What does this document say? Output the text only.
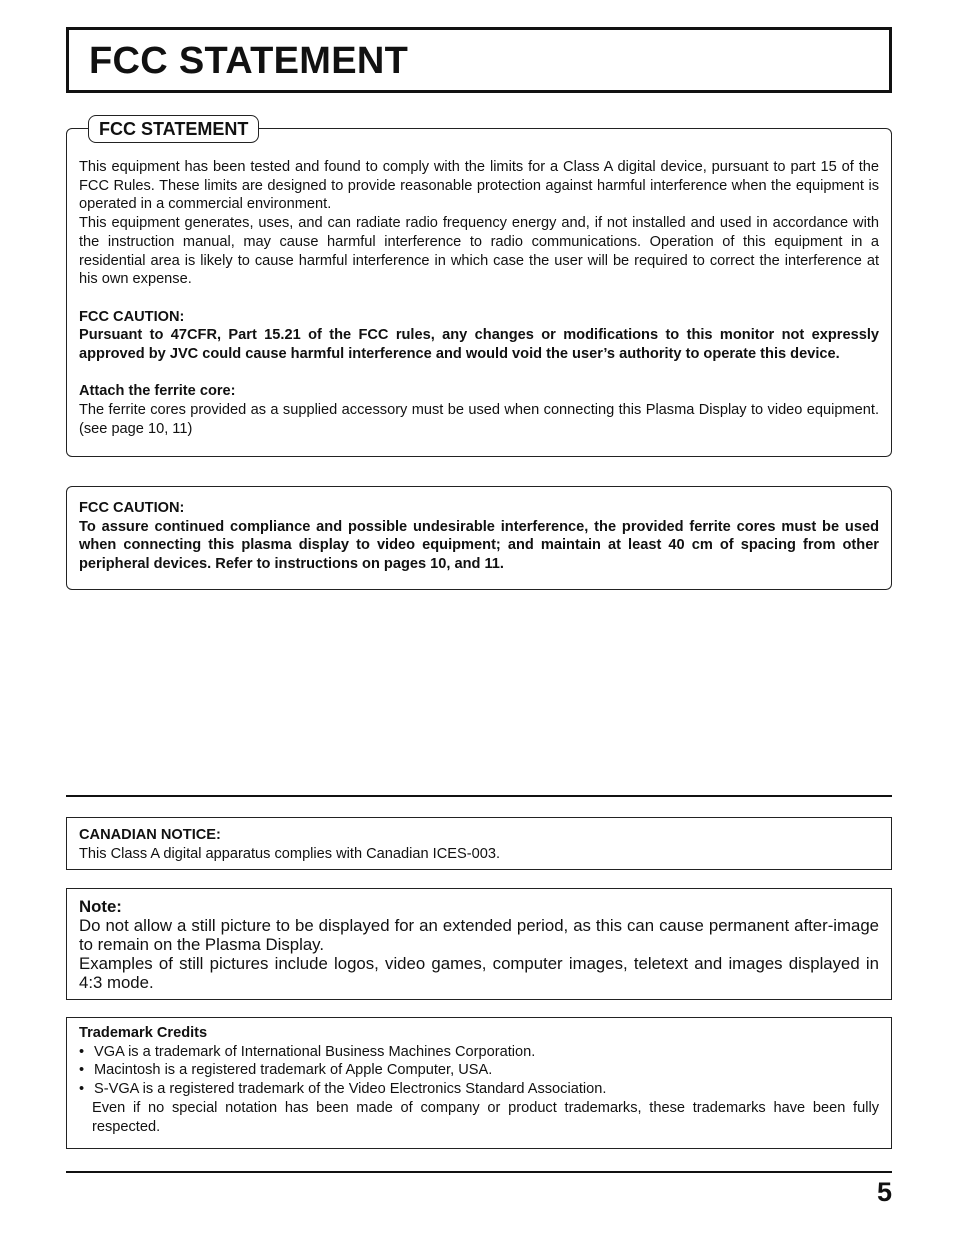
FCC STATEMENT
FCC STATEMENT

This equipment has been tested and found to comply with the limits for a Class A digital device, pursuant to part 15 of the FCC Rules. These limits are designed to provide reasonable protection against harmful interference when the equipment is operated in a commercial environment.

This equipment generates, uses, and can radiate radio frequency energy and, if not installed and used in accordance with the instruction manual, may cause harmful interference to radio communications. Operation of this equipment in a residential area is likely to cause harmful interference in which case the user will be required to correct the interference at his own expense.

FCC CAUTION:

Pursuant to 47CFR, Part 15.21 of the FCC rules, any changes or modifications to this monitor not expressly approved by JVC could cause harmful interference and would void the user’s authority to operate this device.

Attach the ferrite core:

The ferrite cores provided as a supplied accessory must be used when connecting this Plasma Display to video equipment. (see page 10, 11)

FCC CAUTION:

To assure continued compliance and possible undesirable interference, the provided ferrite cores must be used when connecting this plasma display to video equipment; and maintain at least 40 cm of spacing from other peripheral devices. Refer to instructions on pages 10, and 11.

CANADIAN NOTICE:

This Class A digital apparatus complies with Canadian ICES-003.

Note:

Do not allow a still picture to be displayed for an extended period, as this can cause permanent after-image to remain on the Plasma Display.

Examples of still pictures include logos, video games, computer images, teletext and images displayed in 4:3 mode.

Trademark Credits

• VGA is a trademark of International Business Machines Corporation.
• Macintosh is a registered trademark of Apple Computer, USA.
• S-VGA is a registered trademark of the Video Electronics Standard Association.

Even if no special notation has been made of company or product trademarks, these trademarks have been fully respected.

5
